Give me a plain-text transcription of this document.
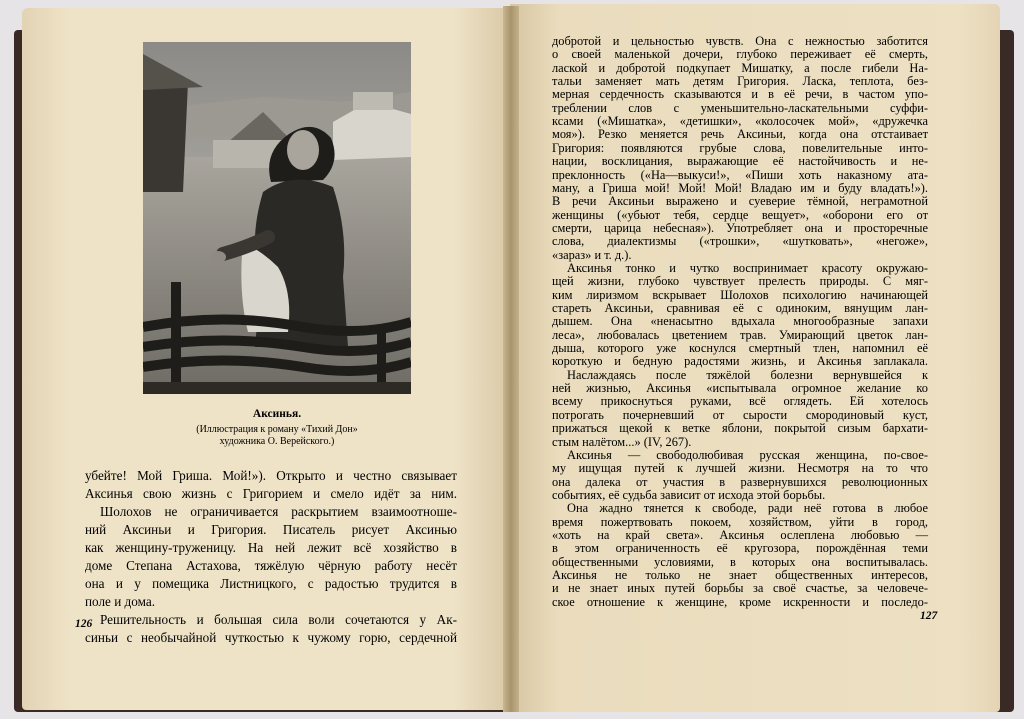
Аксинья.
(Иллюстрация к роману «Тихий Дон»
художника О. Верейского.)
убейте! Мой Гриша. Мой!»). Открыто и честно связывает
Аксинья свою жизнь с Григорием и смело идёт за ним.
Шолохов не ограничивается раскрытием взаимоотноше-
ний Аксиньи и Григория. Писатель рисует Аксинью
как женщину-труженицу. На ней лежит всё хозяйство в
доме Степана Астахова, тяжёлую чёрную работу несёт
она и у помещика Листницкого, с радостью трудится в
поле и дома.
Решительность и большая сила воли сочетаются у Ак-
синьи с необычайной чуткостью к чужому горю, сердечной
126
добротой и цельностью чувств. Она с нежностью заботится
о своей маленькой дочери, глубоко переживает её смерть,
лаской и добротой подкупает Мишатку, а после гибели На-
тальи заменяет мать детям Григория. Ласка, теплота, без-
мерная сердечность сказываются и в её речи, в частом упо-
треблении слов с уменьшительно-ласкательными суффи-
ксами («Мишатка», «детишки», «колосочек мой», «дружечка
моя»). Резко меняется речь Аксиньи, когда она отстаивает
Григория: появляются грубые слова, повелительные инто-
нации, восклицания, выражающие её настойчивость и не-
преклонность («На—выкуси!», «Пиши хоть наказному ата-
ману, а Гриша мой! Мой! Мой! Владаю им и буду владать!»).
В речи Аксиньи выражено и суеверие тёмной, неграмотной
женщины («убьют тебя, сердце вещует», «оборони его от
смерти, царица небесная»). Употребляет она и просторечные
слова, диалектизмы («трошки», «шутковать», «негоже»,
«зараз» и т. д.).
Аксинья тонко и чутко воспринимает красоту окружаю-
щей жизни, глубоко чувствует прелесть природы. С мяг-
ким лиризмом вскрывает Шолохов психологию начинающей
стареть Аксиньи, сравнивая её с одиноким, вянущим лан-
дышем. Она «ненасытно вдыхала многообразные запахи
леса», любовалась цветением трав. Умирающий цветок лан-
дыша, которого уже коснулся смертный тлен, напомнил её
короткую и бедную радостями жизнь, и Аксинья заплакала.
Наслаждаясь после тяжёлой болезни вернувшейся к
ней жизнью, Аксинья «испытывала огромное желание ко
всему прикоснуться руками, всё оглядеть. Ей хотелось
потрогать почерневший от сырости смородиновый куст,
прижаться щекой к ветке яблони, покрытой сизым бархати-
стым налётом...» (IV, 267).
Аксинья — свободолюбивая русская женщина, по-свое-
му ищущая путей к лучшей жизни. Несмотря на то что
она далека от участия в развернувшихся революционных
событиях, её судьба зависит от исхода этой борьбы.
Она жадно тянется к свободе, ради неё готова в любое
время пожертвовать покоем, хозяйством, уйти в город,
«хоть на край света». Аксинья ослеплена любовью —
в этом ограниченность её кругозора, порождённая теми
общественными условиями, в которых она воспитывалась.
Аксинья не только не знает общественных интересов,
и не знает иных путей борьбы за своё счастье, за человече-
ское отношение к женщине, кроме искренности и последо-
127
